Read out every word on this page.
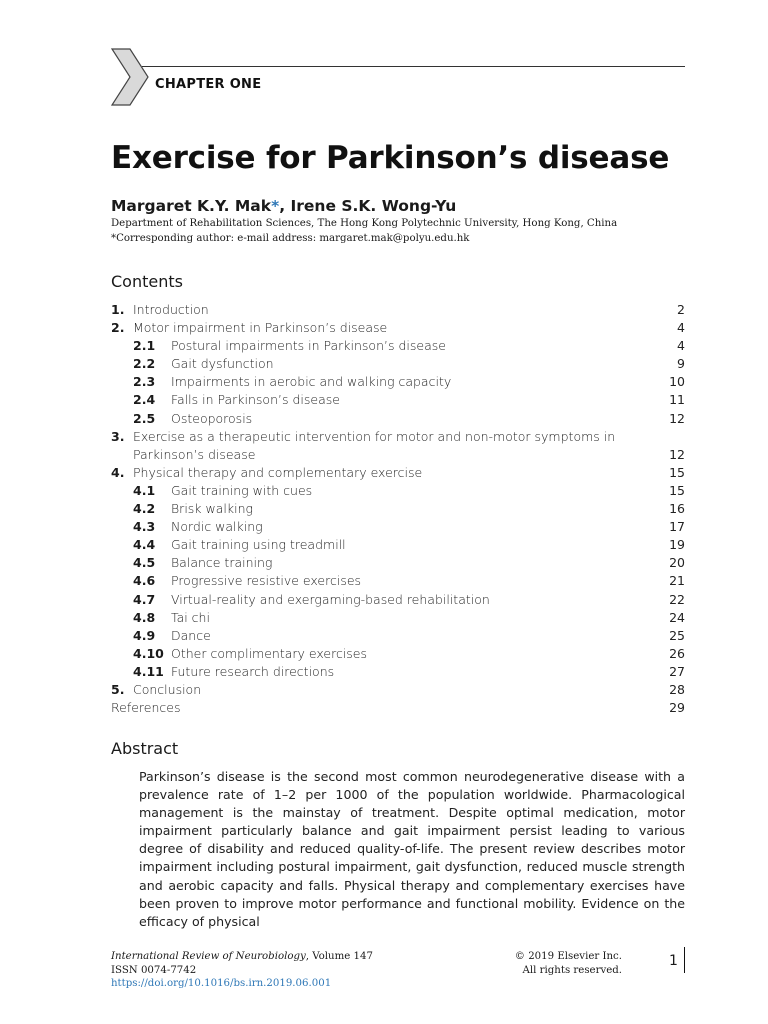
CHAPTER ONE
Exercise for Parkinson’s disease
Margaret K.Y. Mak*, Irene S.K. Wong-Yu
Department of Rehabilitation Sciences, The Hong Kong Polytechnic University, Hong Kong, China
*Corresponding author: e-mail address: margaret.mak@polyu.edu.hk
Contents
1. Introduction	2
2. Motor impairment in Parkinson’s disease	4
2.1 Postural impairments in Parkinson’s disease	4
2.2 Gait dysfunction	9
2.3 Impairments in aerobic and walking capacity	10
2.4 Falls in Parkinson’s disease	11
2.5 Osteoporosis	12
3. Exercise as a therapeutic intervention for motor and non-motor symptoms in
Parkinson’s disease	12
4. Physical therapy and complementary exercise	15
4.1 Gait training with cues	15
4.2 Brisk walking	16
4.3 Nordic walking	17
4.4 Gait training using treadmill	19
4.5 Balance training	20
4.6 Progressive resistive exercises	21
4.7 Virtual-reality and exergaming-based rehabilitation	22
4.8 Tai chi	24
4.9 Dance	25
4.10 Other complimentary exercises	26
4.11 Future research directions	27
5. Conclusion	28
References	29
Abstract

Parkinson’s disease is the second most common neurodegenerative disease with a prevalence rate of 1–2 per 1000 of the population worldwide. Pharmacological management is the mainstay of treatment. Despite optimal medication, motor impairment particularly balance and gait impairment persist leading to various degree of disability and reduced quality-of-life. The present review describes motor impairment including postural impairment, gait dysfunction, reduced muscle strength and aerobic capacity and falls. Physical therapy and complementary exercises have been proven to improve motor performance and functional mobility. Evidence on the efficacy of physical

International Review of Neurobiology, Volume 147
ISSN 0074-7742
https://doi.org/10.1016/bs.irn.2019.06.001
© 2019 Elsevier Inc.
All rights reserved.
1
